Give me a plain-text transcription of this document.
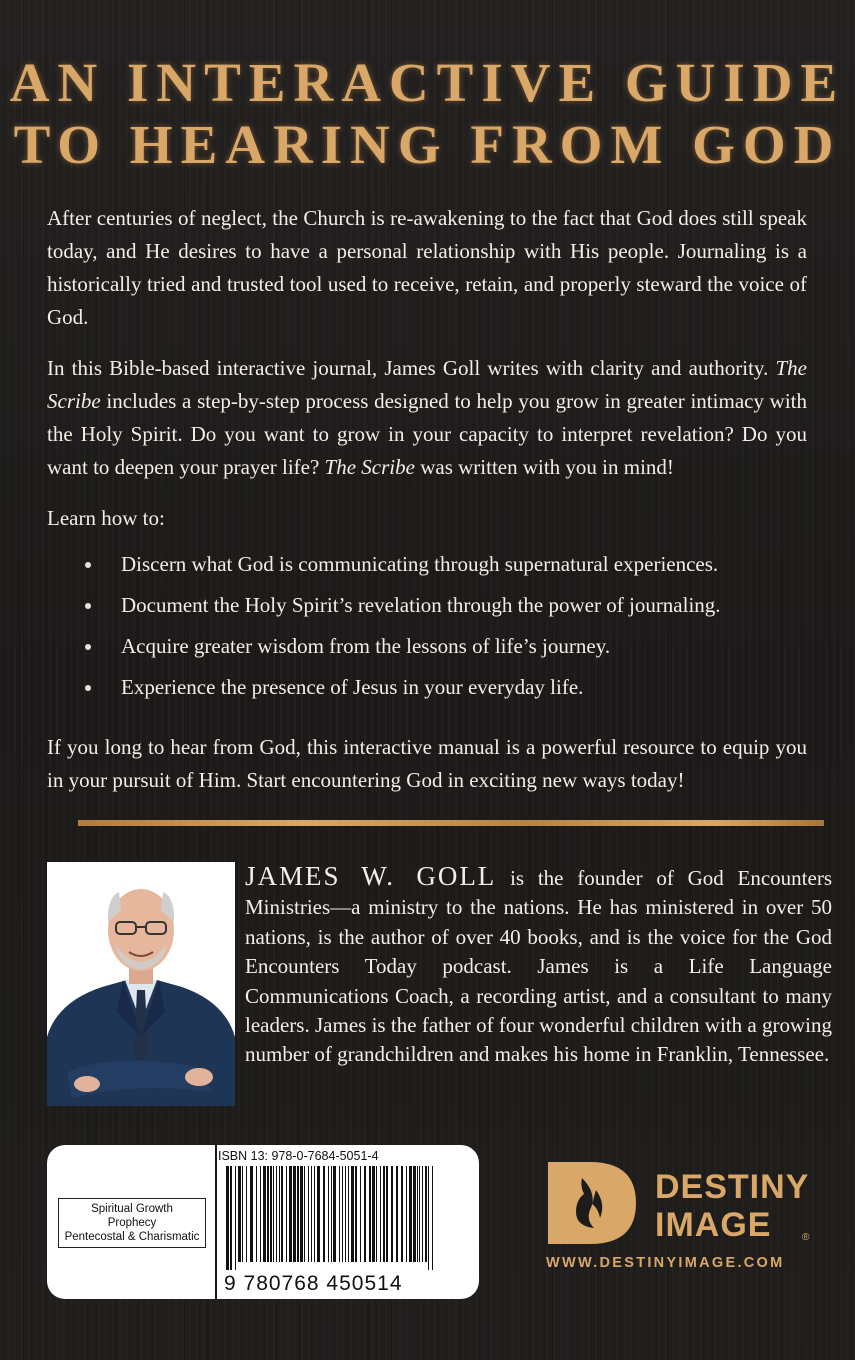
AN INTERACTIVE GUIDE
TO HEARING FROM GOD

After centuries of neglect, the Church is re-awakening to the fact that God does still speak today, and He desires to have a personal relationship with His people. Journaling is a historically tried and trusted tool used to receive, retain, and properly steward the voice of God.

In this Bible-based interactive journal, James Goll writes with clarity and authority. The Scribe includes a step-by-step process designed to help you grow in greater intimacy with the Holy Spirit. Do you want to grow in your capacity to interpret revelation? Do you want to deepen your prayer life? The Scribe was written with you in mind!

Learn how to:

Discern what God is communicating through supernatural experiences.
Document the Holy Spirit’s revelation through the power of journaling.
Acquire greater wisdom from the lessons of life’s journey.
Experience the presence of Jesus in your everyday life.

If you long to hear from God, this interactive manual is a powerful resource to equip you in your pursuit of Him. Start encountering God in exciting new ways today!

JAMES W. GOLL is the founder of God Encounters Ministries—a ministry to the nations. He has ministered in over 50 nations, is the author of over 40 books, and is the voice for the God Encounters Today podcast. James is a Life Language Communications Coach, a recording artist, and a consultant to many leaders. James is the father of four wonderful children with a growing number of grandchildren and makes his home in Franklin, Tennessee.

Spiritual Growth
Prophecy
Pentecostal & Charismatic
ISBN 13: 978-0-7684-5051-4
9 780768 450514
DESTINY
IMAGE	®
WWW.DESTINYIMAGE.COM
